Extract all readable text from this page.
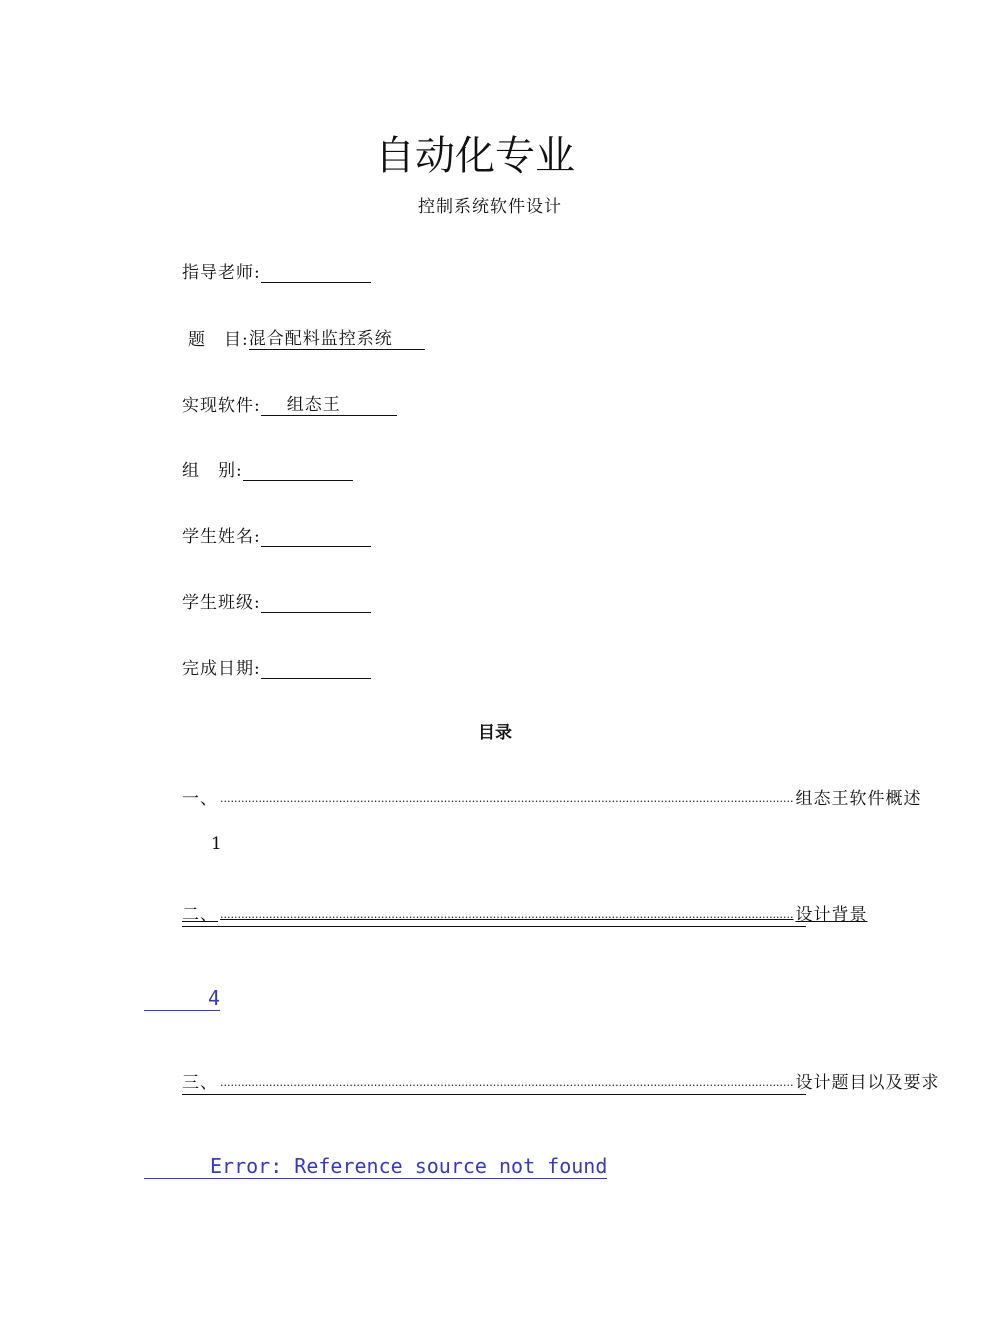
自动化专业
控制系统软件设计
指导老师:
题　目:混合配料监控系统
实现软件: 组态王
组　别:
学生姓名:
学生班级:
完成日期:
目录
一、 .................................................................................................................................................................... 组态王软件概述
1
二、 .................................................................................................................................................................... 设计背景
4
三、 .................................................................................................................................................................... 设计题目以及要求
Error: Reference source not found
